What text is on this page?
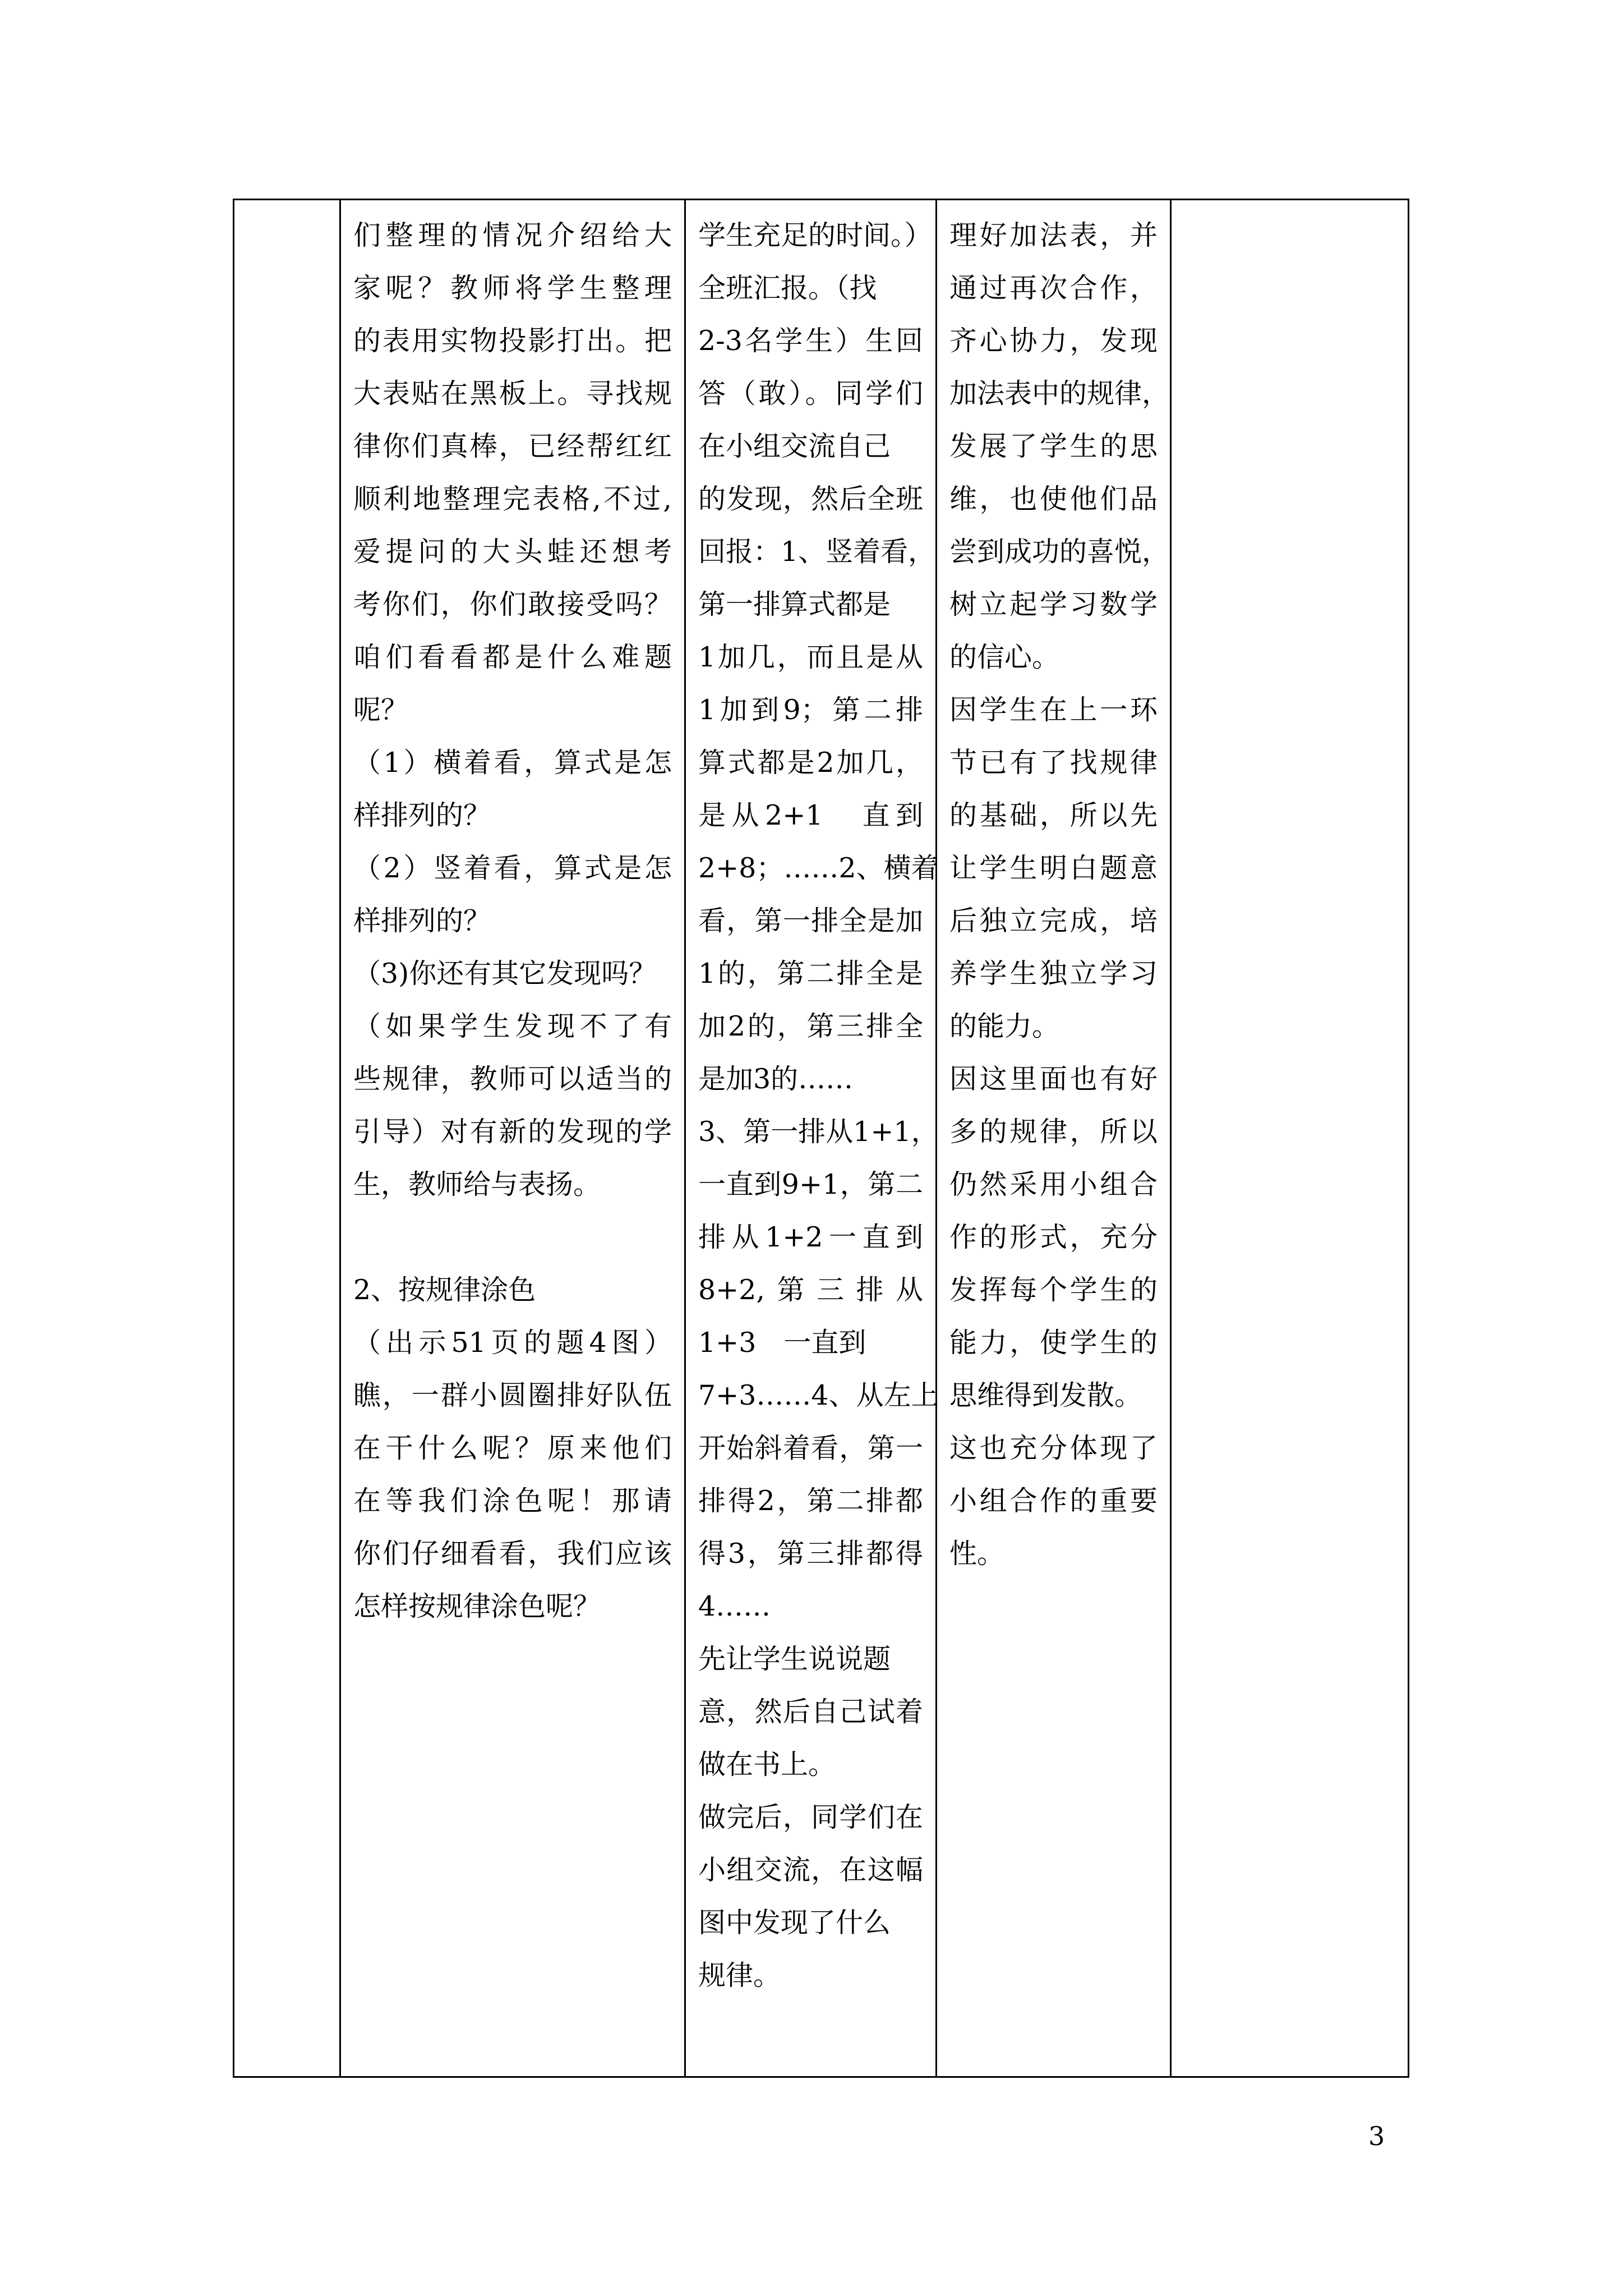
们整理的情况介绍给大
家呢？教师将学生整理
的表用实物投影打出。把
大表贴在黑板上。寻找规
律你们真棒，已经帮红红
顺利地整理完表格,不过,
爱提问的大头蛙还想考
考你们，你们敢接受吗？
咱们看看都是什么难题
呢？
（1）横着看，算式是怎
样排列的？
（2）竖着看，算式是怎
样排列的？
（3)你还有其它发现吗？
（如果学生发现不了有
些规律，教师可以适当的
引导）对有新的发现的学
生，教师给与表扬。
2、按规律涂色
（出示51页的题4图）
瞧，一群小圆圈排好队伍
在干什么呢？原来他们
在等我们涂色呢！那请
你们仔细看看，我们应该
怎样按规律涂色呢？

学生充足的时间。）
全班汇报。（找
2-3名学生）生回
答（敢）。同学们
在小组交流自己
的发现，然后全班
回报：1、竖着看，
第一排算式都是
1加几，而且是从
1加到9；第二排
算式都是2加几，
是从2+1　直到
2+8；……2、横着
看，第一排全是加
1的，第二排全是
加2的，第三排全
是加3的……
3、第一排从1+1，
一直到9+1，第二
排从1+2一直到
8+2,第三排从
1+3　一直到
7+3……4、从左上
开始斜着看，第一
排得2，第二排都
得3，第三排都得
4……
先让学生说说题
意，然后自己试着
做在书上。
做完后，同学们在
小组交流，在这幅
图中发现了什么
规律。

理好加法表，并
通过再次合作，
齐心协力，发现
加法表中的规律，
发展了学生的思
维，也使他们品
尝到成功的喜悦，
树立起学习数学
的信心。
因学生在上一环
节已有了找规律
的基础，所以先
让学生明白题意
后独立完成，培
养学生独立学习
的能力。
因这里面也有好
多的规律，所以
仍然采用小组合
作的形式，充分
发挥每个学生的
能力，使学生的
思维得到发散。
这也充分体现了
小组合作的重要
性。

3
